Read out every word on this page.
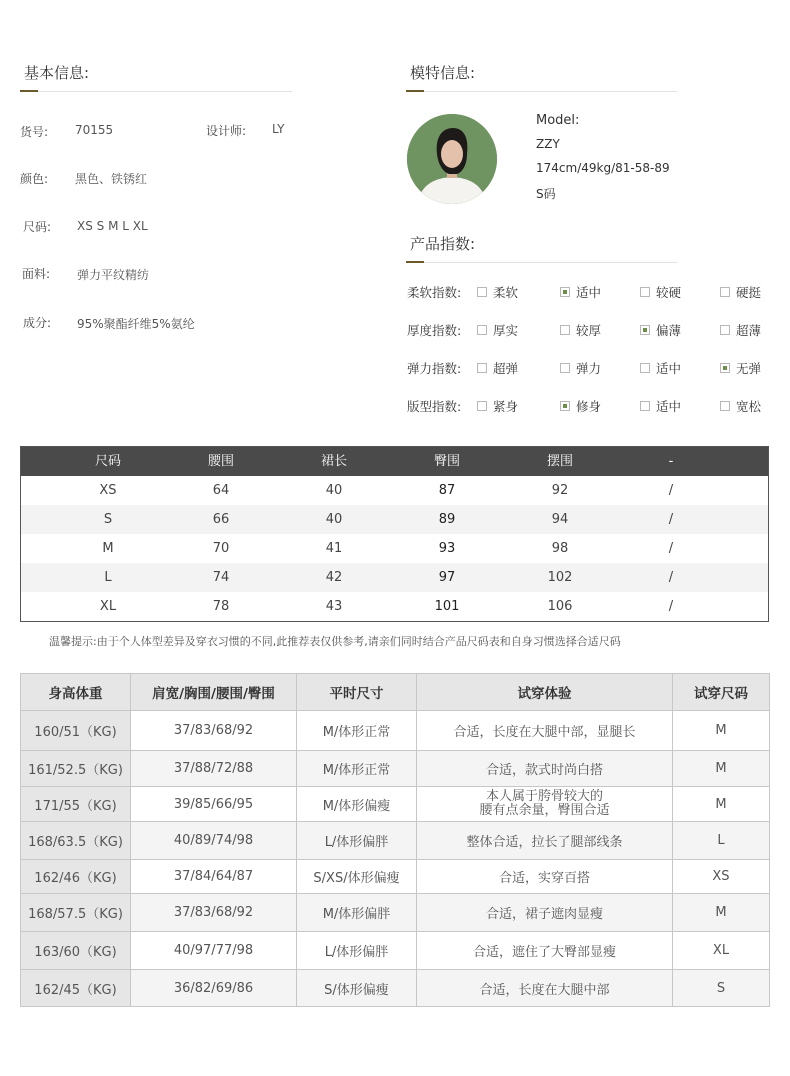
基本信息:
货号: 70155	设计师: LY
颜色: 黑色、铁锈红
尺码: XS S M L XL
面料: 弹力平纹精纺
成分: 95%聚酯纤维5%氨纶
模特信息:
Model:
ZZY
174cm/49kg/81-58-89
S码
产品指数:
柔软指数:	柔软	适中	较硬	硬挺
厚度指数:	厚实	较厚	偏薄	超薄
弹力指数:	超弹	弹力	适中	无弹
版型指数:	紧身	修身	适中	宽松
尺码	腰围	裙长	臀围	摆围	-
XS	64	40	87	92	/
S	66	40	89	94	/
M	70	41	93	98	/
L	74	42	97	102	/
XL	78	43	101	106	/
温馨提示:由于个人体型差异及穿衣习惯的不同,此推荐表仅供参考,请亲们同时结合产品尺码表和自身习惯选择合适尺码
身高体重	肩宽/胸围/腰围/臀围	平时尺寸	试穿体验	试穿尺码
160/51（KG)	37/83/68/92	M/体形正常	合适，长度在大腿中部，显腿长	M
161/52.5（KG)	37/88/72/88	M/体形正常	合适，款式时尚白搭	M
171/55（KG)	39/85/66/95	M/体形偏瘦	本人属于胯骨较大的
腰有点余量，臀围合适	M
168/63.5（KG)	40/89/74/98	L/体形偏胖	整体合适，拉长了腿部线条	L
162/46（KG)	37/84/64/87	S/XS/体形偏瘦	合适，实穿百搭	XS
168/57.5（KG)	37/83/68/92	M/体形偏胖	合适，裙子遮肉显瘦	M
163/60（KG)	40/97/77/98	L/体形偏胖	合适，遮住了大臀部显瘦	XL
162/45（KG)	36/82/69/86	S/体形偏瘦	合适，长度在大腿中部	S
